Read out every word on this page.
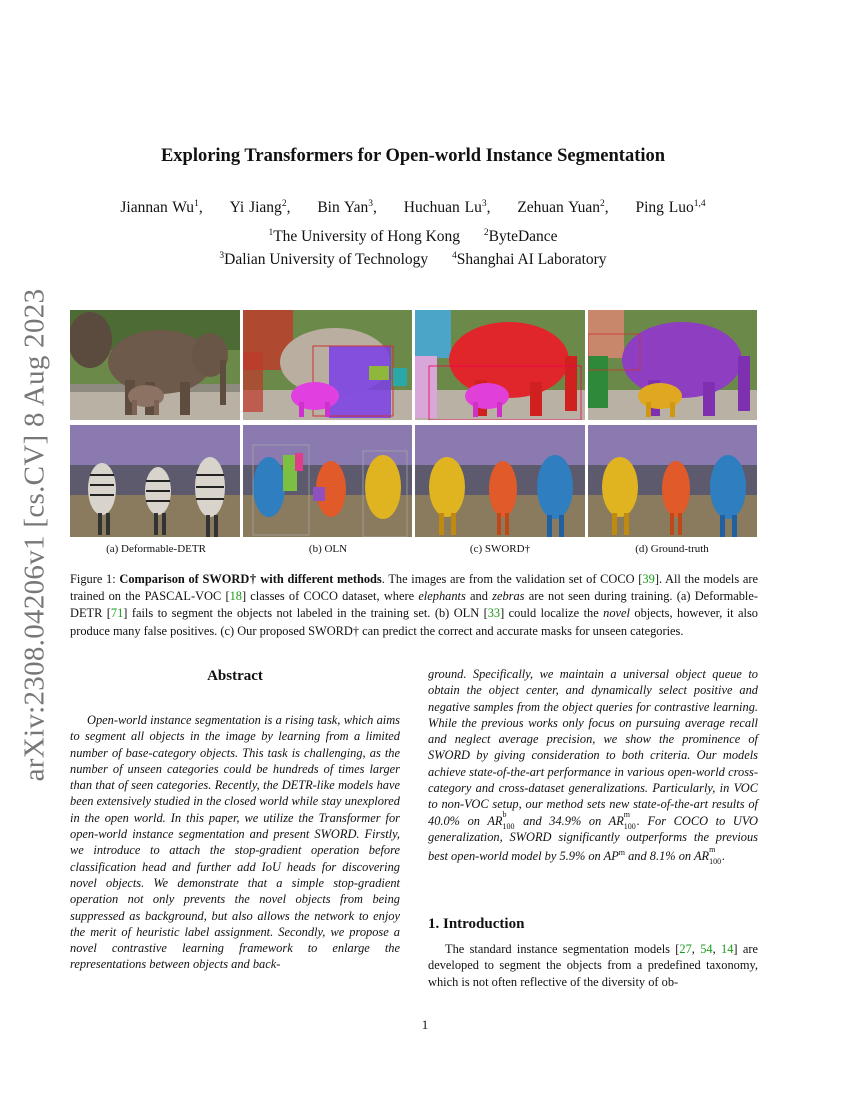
arXiv:2308.04206v1 [cs.CV] 8 Aug 2023
Exploring Transformers for Open-world Instance Segmentation
Jiannan Wu$^1$, Yi Jiang$^2$, Bin Yan$^3$, Huchuan Lu$^3$, Zehuan Yuan$^2$, Ping Luo$^{1,4}$
$^1$The University of Hong Kong	$^2$ByteDance
$^3$Dalian University of Technology	$^4$Shanghai AI Laboratory
(a) Deformable-DETR	(b) OLN	(c) SWORD†	(d) Ground-truth
Figure 1: Comparison of SWORD† with different methods. The images are from the validation set of COCO [39]. All the models are trained on the PASCAL-VOC [18] classes of COCO dataset, where elephants and zebras are not seen during training. (a) Deformable-DETR [71] fails to segment the objects not labeled in the training set. (b) OLN [33] could localize the novel objects, however, it also produce many false positives. (c) Our proposed SWORD† can predict the correct and accurate masks for unseen categories.
Abstract
Open-world instance segmentation is a rising task, which aims to segment all objects in the image by learning from a limited number of base-category objects. This task is challenging, as the number of unseen categories could be hundreds of times larger than that of seen categories. Recently, the DETR-like models have been extensively studied in the closed world while stay unexplored in the open world. In this paper, we utilize the Transformer for open-world instance segmentation and present SWORD. Firstly, we introduce to attach the stop-gradient operation before classification head and further add IoU heads for discovering novel objects. We demonstrate that a simple stop-gradient operation not only prevents the novel objects from being suppressed as background, but also allows the network to enjoy the merit of heuristic label assignment. Secondly, we propose a novel contrastive learning framework to enlarge the representations between objects and back-
ground. Specifically, we maintain a universal object queue to obtain the object center, and dynamically select positive and negative samples from the object queries for contrastive learning. While the previous works only focus on pursuing average recall and neglect average precision, we show the prominence of SWORD by giving consideration to both criteria. Our models achieve state-of-the-art performance in various open-world cross-category and cross-dataset generalizations. Particularly, in VOC to non-VOC setup, our method sets new state-of-the-art results of 40.0% on AR b
100 and 34.9% on AR m
100 . For COCO to UVO generalization, SWORD significantly outperforms the previous best open-world model by 5.9% on $AP^m$ and 8.1% on AR m
100 .
1. Introduction
The standard instance segmentation models [27, 54, 14] are developed to segment the objects from a predefined taxonomy, which is not often reflective of the diversity of ob-
1
